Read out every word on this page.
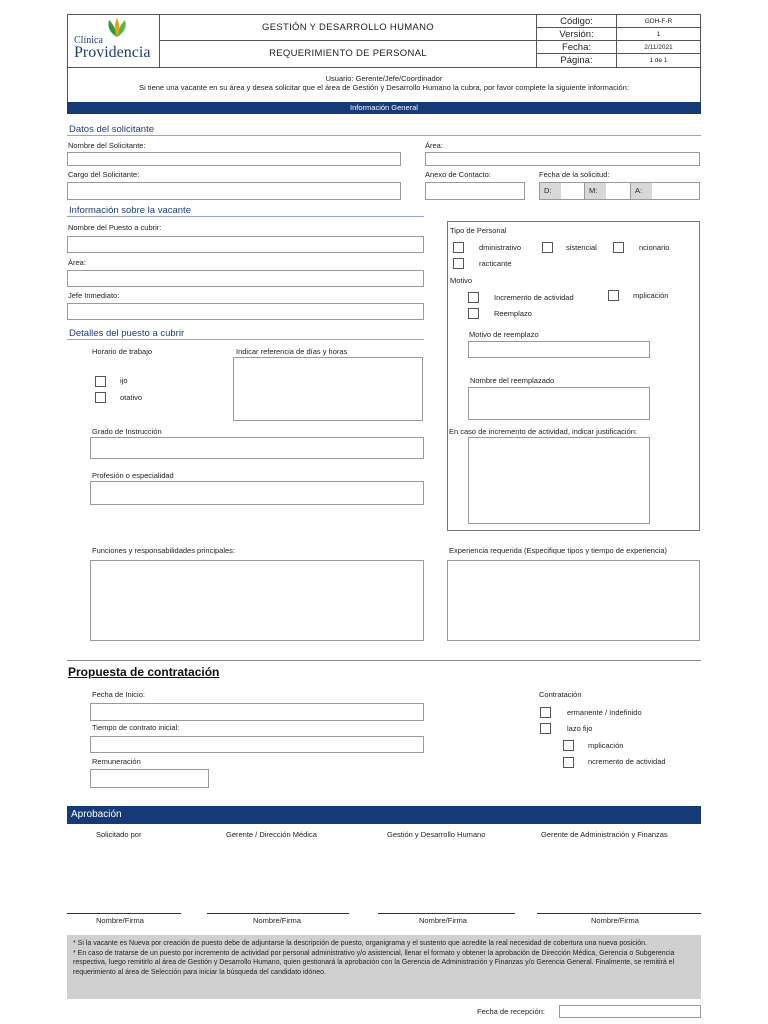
Clínica
Providencia
GESTIÓN Y DESARROLLO HUMANO
REQUERIMIENTO DE PERSONAL
Código:	GDH-F-R
Versión:	1
Fecha:	2/11/2021
Página:	1 de 1
Usuario: Gerente/Jefe/Coordinador
Si tiene una vacante en su área y desea solicitar que el área de Gestión y Desarrollo Humano la cubra, por favor complete la siguiente información:
Información General
Datos del solicitante
Nombre del Solicitante:	Área:
Cargo del Solicitante:	Anexo de Contacto:	Fecha de la solicitud:
D:	M:	A:
Información sobre la vacante
Nombre del Puesto a cubrir:
Área:
Jefe Inmediato:
Tipo de Personal
dministrativo	sistencial	ncionario
racticante
Motivo
Incremento de actividad	mplicación
Reemplazo
Motivo de reemplazo
Nombre del reemplazado
En caso de incremento de actividad, indicar justificación:
Detalles del puesto a cubrir
Horario de trabajo	Indicar referencia de días y horas
ijo
otativo
Grado de Instrucción
Profesión o especialidad
Funciones y responsabilidades principales:	Experiencia requerida (Especifique tipos y tiempo de experiencia)
Propuesta de contratación
Fecha de Inicio:
Tiempo de contrato inicial:
Remuneración
Contratación
ermanente / Indefinido
lazo fijo
mplicación
ncremento de actividad
Aprobación
Solicitado por	Gerente / Dirección Médica	Gestión y Desarrollo Humano	Gerente de Administración y Finanzas
Nombre/Firma	Nombre/Firma	Nombre/Firma	Nombre/Firma
* Si la vacante es Nueva por creación de puesto debe de adjuntarse la descripción de puesto, organigrama y el sustento que acredite la real necesidad de cobertura una nueva posición.
* En caso de tratarse de un puesto por incremento de actividad por personal administrativo y/o asistencial, llenar el formato y obtener la aprobación de Dirección Médica, Gerencia o Subgerencia respectiva, luego remitirlo al área de Gestión y Desarrollo Humano, quien gestionará la aprobación con la Gerencia de Administración y Finanzas y/o Gerencia General. Finalmente, se remitirá el requerimiento al área de Selección para iniciar la búsqueda del candidato idóneo.
Fecha de recepción:
